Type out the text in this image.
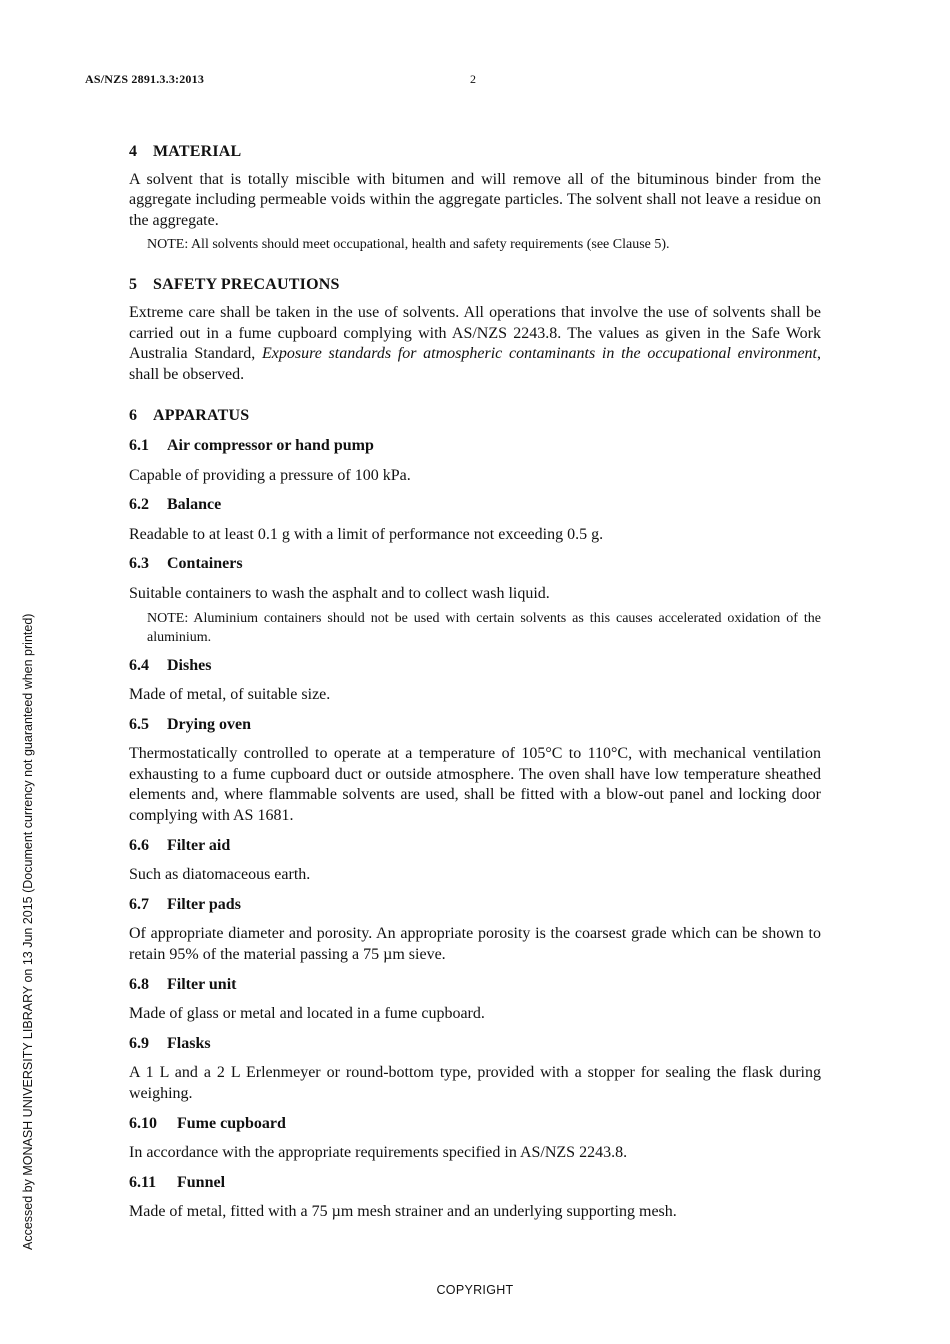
AS/NZS 2891.3.3:2013	2
Accessed by MONASH UNIVERSITY LIBRARY on 13 Jun 2015 (Document currency not guaranteed when printed)
4 MATERIAL

A solvent that is totally miscible with bitumen and will remove all of the bituminous binder from the aggregate including permeable voids within the aggregate particles. The solvent shall not leave a residue on the aggregate.

NOTE: All solvents should meet occupational, health and safety requirements (see Clause 5).

5 SAFETY PRECAUTIONS

Extreme care shall be taken in the use of solvents. All operations that involve the use of solvents shall be carried out in a fume cupboard complying with AS/NZS 2243.8. The values as given in the Safe Work Australia Standard, Exposure standards for atmospheric contaminants in the occupational environment, shall be observed.

6 APPARATUS
6.1 Air compressor or hand pump

Capable of providing a pressure of 100 kPa.

6.2 Balance

Readable to at least 0.1 g with a limit of performance not exceeding 0.5 g.

6.3 Containers

Suitable containers to wash the asphalt and to collect wash liquid.

NOTE: Aluminium containers should not be used with certain solvents as this causes accelerated oxidation of the aluminium.

6.4 Dishes

Made of metal, of suitable size.

6.5 Drying oven

Thermostatically controlled to operate at a temperature of 105°C to 110°C, with mechanical ventilation exhausting to a fume cupboard duct or outside atmosphere. The oven shall have low temperature sheathed elements and, where flammable solvents are used, shall be fitted with a blow-out panel and locking door complying with AS 1681.

6.6 Filter aid

Such as diatomaceous earth.

6.7 Filter pads

Of appropriate diameter and porosity. An appropriate porosity is the coarsest grade which can be shown to retain 95% of the material passing a 75 µm sieve.

6.8 Filter unit

Made of glass or metal and located in a fume cupboard.

6.9 Flasks

A 1 L and a 2 L Erlenmeyer or round-bottom type, provided with a stopper for sealing the flask during weighing.

6.10 Fume cupboard

In accordance with the appropriate requirements specified in AS/NZS 2243.8.

6.11 Funnel

Made of metal, fitted with a 75 µm mesh strainer and an underlying supporting mesh.

COPYRIGHT
